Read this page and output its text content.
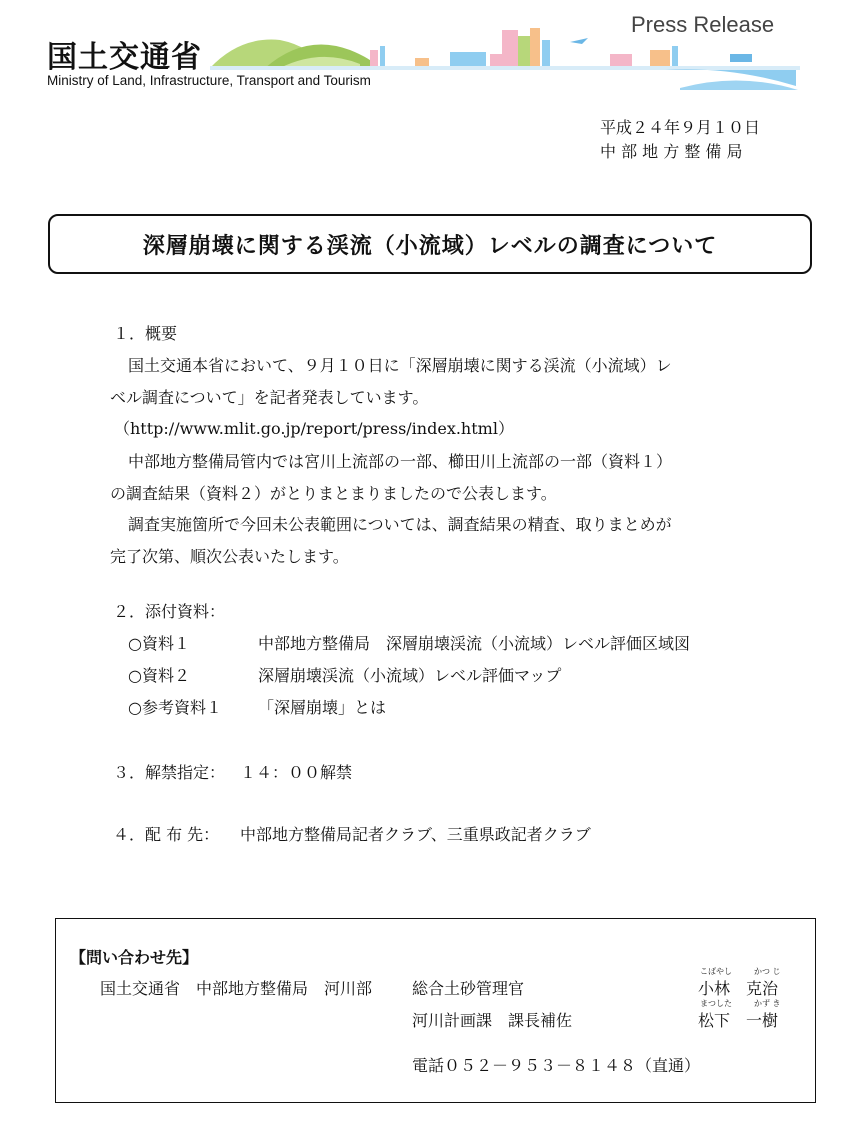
国土交通省
Ministry of Land, Infrastructure, Transport and Tourism
Press Release
平成２４年９月１０日
中 部 地 方 整 備 局
深層崩壊に関する渓流（小流域）レベルの調査について
１．概要
国土交通本省において、９月１０日に「深層崩壊に関する渓流（小流域）レ
ベル調査について」を記者発表しています。
（http://www.mlit.go.jp/report/press/index.html）
中部地方整備局管内では宮川上流部の一部、櫛田川上流部の一部（資料１）
の調査結果（資料２）がとりまとまりましたので公表します。
調査実施箇所で今回未公表範囲については、調査結果の精査、取りまとめが
完了次第、順次公表いたします。
２．添付資料：
○資料１	中部地方整備局　深層崩壊渓流（小流域）レベル評価区域図
○資料２	深層崩壊渓流（小流域）レベル評価マップ
○参考資料１ 「深層崩壊」とは
３．解禁指定： １４：００解禁
４．配 布 先： 中部地方整備局記者クラブ、三重県政記者クラブ
【問い合わせ先】
国土交通省　中部地方整備局　河川部 総合土砂管理官
こばやし	かつ じ
小林　克治
河川計画課　課長補佐
まつした	かず き
松下　一樹
電話０５２－９５３－８１４８（直通）
